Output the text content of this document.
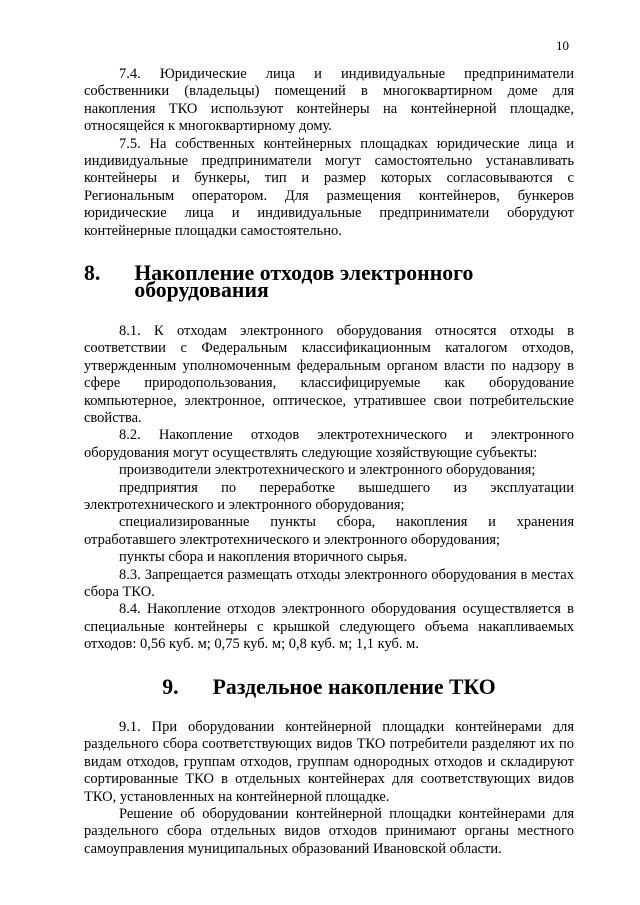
10

7.4. Юридические лица и индивидуальные предприниматели собственники (владельцы) помещений в многоквартирном доме для накопления ТКО используют контейнеры на контейнерной площадке, относящейся к многоквартирному дому.

7.5. На собственных контейнерных площадках юридические лица и индивидуальные предприниматели могут самостоятельно устанавливать контейнеры и бункеры, тип и размер которых согласовываются с Региональным оператором. Для размещения контейнеров, бункеров юридические лица и индивидуальные предприниматели оборудуют контейнерные площадки самостоятельно.

8. Накопление отходов электронного оборудования

8.1. К отходам электронного оборудования относятся отходы в соответствии с Федеральным классификационным каталогом отходов, утвержденным уполномоченным федеральным органом власти по надзору в сфере природопользования, классифицируемые как оборудование компьютерное, электронное, оптическое, утратившее свои потребительские свойства.

8.2. Накопление отходов электротехнического и электронного оборудования могут осуществлять следующие хозяйствующие субъекты:

производители электротехнического и электронного оборудования;

предприятия по переработке вышедшего из эксплуатации электротехнического и электронного оборудования;

специализированные пункты сбора, накопления и хранения отработавшего электротехнического и электронного оборудования;

пункты сбора и накопления вторичного сырья.

8.3. Запрещается размещать отходы электронного оборудования в местах сбора ТКО.

8.4. Накопление отходов электронного оборудования осуществляется в специальные контейнеры с крышкой следующего объема накапливаемых отходов: 0,56 куб. м; 0,75 куб. м; 0,8 куб. м; 1,1 куб. м.

9. Раздельное накопление ТКО

9.1. При оборудовании контейнерной площадки контейнерами для раздельного сбора соответствующих видов ТКО потребители разделяют их по видам отходов, группам отходов, группам однородных отходов и складируют сортированные ТКО в отдельных контейнерах для соответствующих видов ТКО, установленных на контейнерной площадке.

Решение об оборудовании контейнерной площадки контейнерами для раздельного сбора отдельных видов отходов принимают органы местного самоуправления муниципальных образований Ивановской области.
